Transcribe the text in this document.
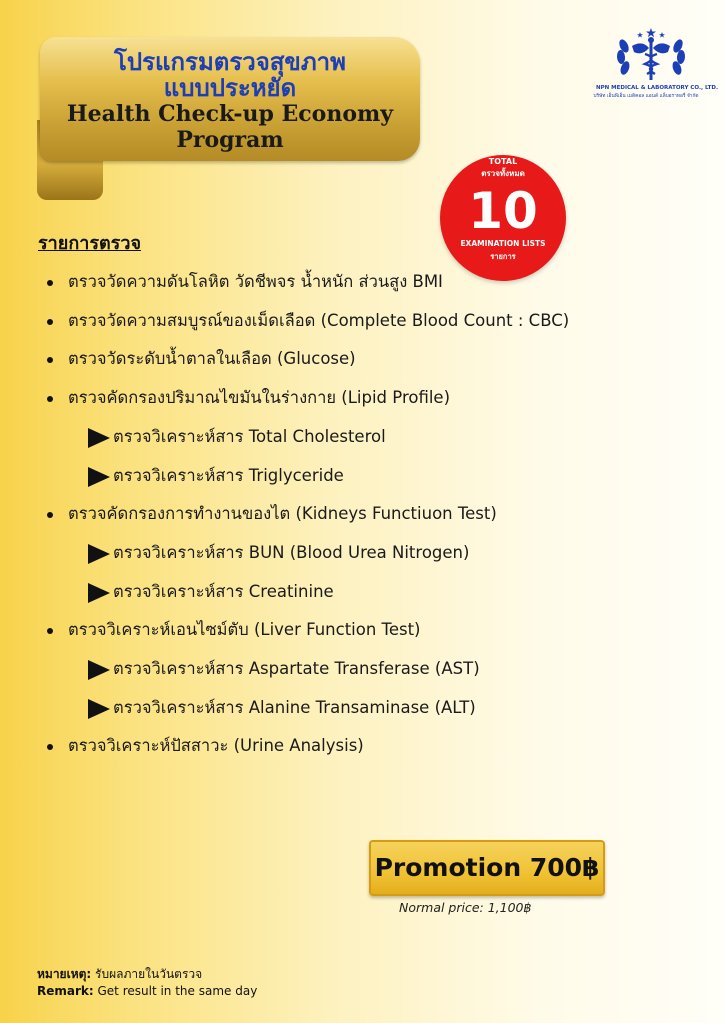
โปรแกรมตรวจสุขภาพ
แบบประหยัด
Health Check-up Economy Program
NPN MEDICAL & LABORATORY CO., LTD.
บริษัท เอ็นพีเอ็น เมดิคอล แอนด์ แล็บอราทอรี่ จำกัด
TOTAL
ตรวจทั้งหมด
10
EXAMINATION LISTS
รายการ
รายการตรวจ
ตรวจวัดความดันโลหิต วัดชีพจร น้ำหนัก ส่วนสูง BMI
ตรวจวัดความสมบูรณ์ของเม็ดเลือด (Complete Blood Count : CBC)
ตรวจวัดระดับน้ำตาลในเลือด (Glucose)
ตรวจคัดกรองปริมาณไขมันในร่างกาย (Lipid Profile)
ตรวจวิเคราะห์สาร Total Cholesterol
ตรวจวิเคราะห์สาร Triglyceride
ตรวจคัดกรองการทำงานของไต (Kidneys Functiuon Test)
ตรวจวิเคราะห์สาร BUN (Blood Urea Nitrogen)
ตรวจวิเคราะห์สาร Creatinine
ตรวจวิเคราะห์เอนไซม์ตับ (Liver Function Test)
ตรวจวิเคราะห์สาร Aspartate Transferase (AST)
ตรวจวิเคราะห์สาร Alanine Transaminase (ALT)
ตรวจวิเคราะห์ปัสสาวะ (Urine Analysis)
Promotion 700฿
Normal price: 1,100฿
หมายเหตุ: รับผลภายในวันตรวจ
Remark: Get result in the same day
